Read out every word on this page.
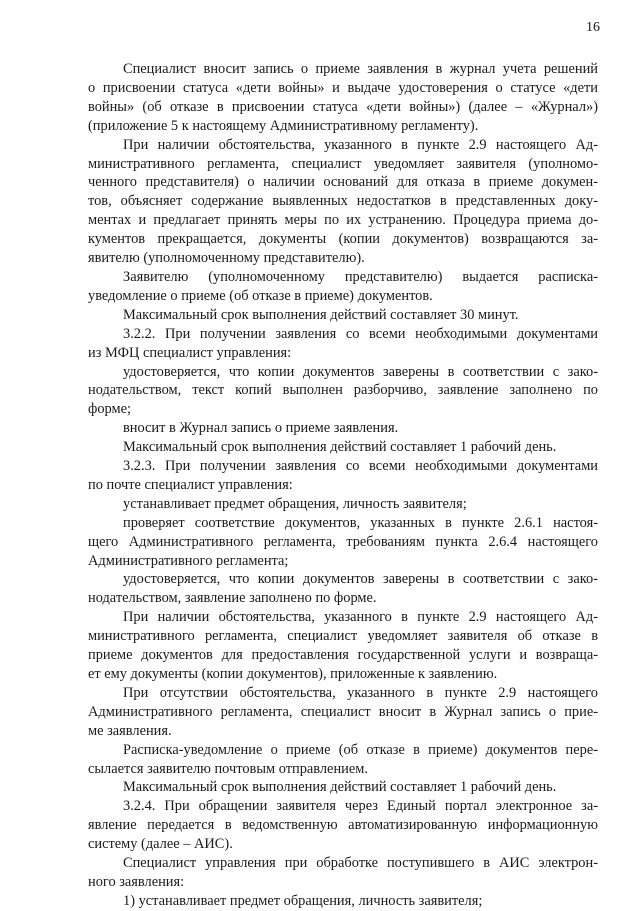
16
Специалист вносит запись о приеме заявления в журнал учета решений
о присвоении статуса «дети войны» и выдаче удостоверения о статусе «дети
войны» (об отказе в присвоении статуса «дети войны») (далее – «Журнал»)
(приложение 5 к настоящему Административному регламенту).
При наличии обстоятельства, указанного в пункте 2.9 настоящего Ад-
министративного регламента, специалист уведомляет заявителя (уполномо-
ченного представителя) о наличии оснований для отказа в приеме докумен-
тов, объясняет содержание выявленных недостатков в представленных доку-
ментах и предлагает принять меры по их устранению. Процедура приема до-
кументов прекращается, документы (копии документов) возвращаются за-
явителю (уполномоченному представителю).
Заявителю (уполномоченному представителю) выдается расписка-
уведомление о приеме (об отказе в приеме) документов.
Максимальный срок выполнения действий составляет 30 минут.
3.2.2. При получении заявления со всеми необходимыми документами
из МФЦ специалист управления:
удостоверяется, что копии документов заверены в соответствии с зако-
нодательством, текст копий выполнен разборчиво, заявление заполнено по
форме;
вносит в Журнал запись о приеме заявления.
Максимальный срок выполнения действий составляет 1 рабочий день.
3.2.3. При получении заявления со всеми необходимыми документами
по почте специалист управления:
устанавливает предмет обращения, личность заявителя;
проверяет соответствие документов, указанных в пункте 2.6.1 настоя-
щего Административного регламента, требованиям пункта 2.6.4 настоящего
Административного регламента;
удостоверяется, что копии документов заверены в соответствии с зако-
нодательством, заявление заполнено по форме.
При наличии обстоятельства, указанного в пункте 2.9 настоящего Ад-
министративного регламента, специалист уведомляет заявителя об отказе в
приеме документов для предоставления государственной услуги и возвраща-
ет ему документы (копии документов), приложенные к заявлению.
При отсутствии обстоятельства, указанного в пункте 2.9 настоящего
Административного регламента, специалист вносит в Журнал запись о прие-
ме заявления.
Расписка-уведомление о приеме (об отказе в приеме) документов пере-
сылается заявителю почтовым отправлением.
Максимальный срок выполнения действий составляет 1 рабочий день.
3.2.4. При обращении заявителя через Единый портал электронное за-
явление передается в ведомственную автоматизированную информационную
систему (далее – АИС).
Специалист управления при обработке поступившего в АИС электрон-
ного заявления:
1) устанавливает предмет обращения, личность заявителя;
